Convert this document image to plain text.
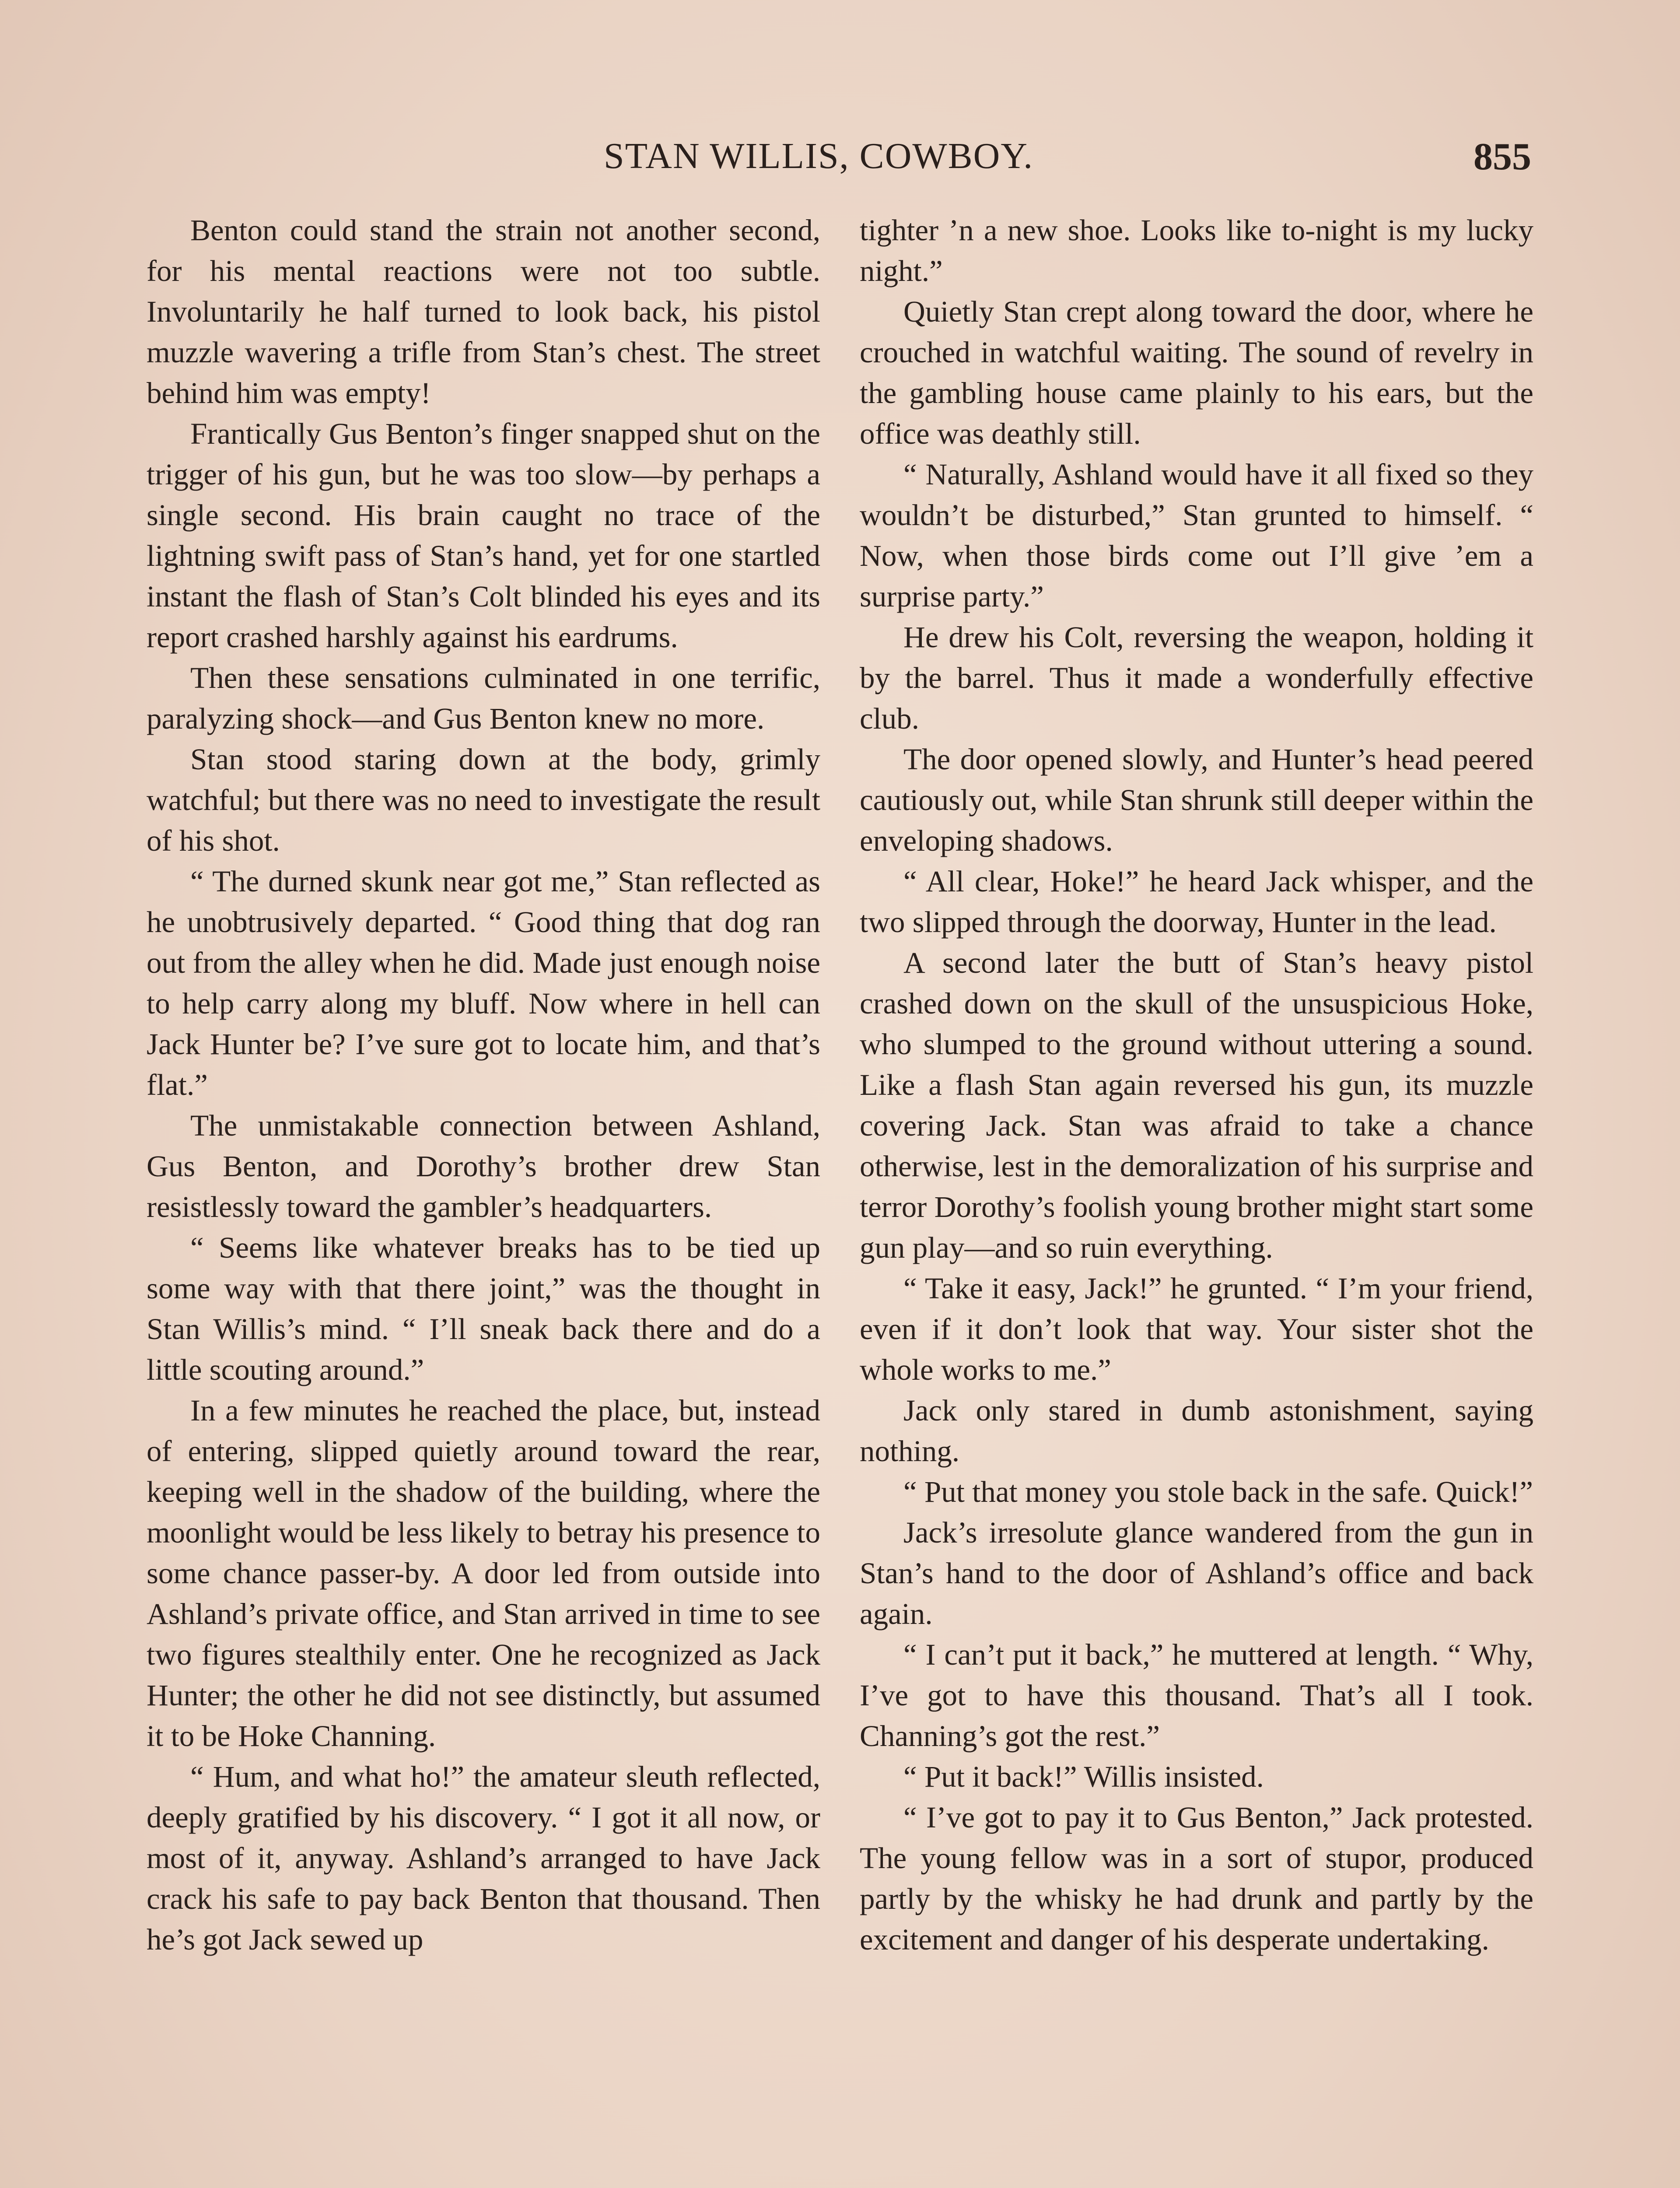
STAN WILLIS, COWBOY.	855

Benton could stand the strain not another second, for his mental reactions were not too subtle. Involuntarily he half turned to look back, his pistol muzzle wavering a trifle from Stan’s chest. The street behind him was empty!

Frantically Gus Benton’s finger snapped shut on the trigger of his gun, but he was too slow—by perhaps a single second. His brain caught no trace of the lightning swift pass of Stan’s hand, yet for one startled instant the flash of Stan’s Colt blinded his eyes and its report crashed harshly against his eardrums.

Then these sensations culminated in one terrific, paralyzing shock—and Gus Benton knew no more.

Stan stood staring down at the body, grimly watchful; but there was no need to investigate the result of his shot.

“ The durned skunk near got me,” Stan reflected as he unobtrusively departed. “ Good thing that dog ran out from the alley when he did. Made just enough noise to help carry along my bluff. Now where in hell can Jack Hunter be? I’ve sure got to locate him, and that’s flat.”

The unmistakable connection between Ashland, Gus Benton, and Dorothy’s brother drew Stan resistlessly toward the gambler’s headquarters.

“ Seems like whatever breaks has to be tied up some way with that there joint,” was the thought in Stan Willis’s mind. “ I’ll sneak back there and do a little scouting around.”

In a few minutes he reached the place, but, instead of entering, slipped quietly around toward the rear, keeping well in the shadow of the building, where the moonlight would be less likely to betray his presence to some chance passer-by. A door led from outside into Ashland’s private office, and Stan arrived in time to see two figures stealthily enter. One he recognized as Jack Hunter; the other he did not see distinctly, but assumed it to be Hoke Channing.

“ Hum, and what ho!” the amateur sleuth reflected, deeply gratified by his discovery. “ I got it all now, or most of it, anyway. Ashland’s arranged to have Jack crack his safe to pay back Benton that thousand. Then he’s got Jack sewed up

tighter ’n a new shoe. Looks like to-night is my lucky night.”

Quietly Stan crept along toward the door, where he crouched in watchful waiting. The sound of revelry in the gambling house came plainly to his ears, but the office was deathly still.

“ Naturally, Ashland would have it all fixed so they wouldn’t be disturbed,” Stan grunted to himself. “ Now, when those birds come out I’ll give ’em a surprise party.”

He drew his Colt, reversing the weapon, holding it by the barrel. Thus it made a wonderfully effective club.

The door opened slowly, and Hunter’s head peered cautiously out, while Stan shrunk still deeper within the enveloping shadows.

“ All clear, Hoke!” he heard Jack whisper, and the two slipped through the doorway, Hunter in the lead.

A second later the butt of Stan’s heavy pistol crashed down on the skull of the unsuspicious Hoke, who slumped to the ground without uttering a sound. Like a flash Stan again reversed his gun, its muzzle covering Jack. Stan was afraid to take a chance otherwise, lest in the demoralization of his surprise and terror Dorothy’s foolish young brother might start some gun play—and so ruin everything.

“ Take it easy, Jack!” he grunted. “ I’m your friend, even if it don’t look that way. Your sister shot the whole works to me.”

Jack only stared in dumb astonishment, saying nothing.

“ Put that money you stole back in the safe. Quick!”

Jack’s irresolute glance wandered from the gun in Stan’s hand to the door of Ashland’s office and back again.

“ I can’t put it back,” he muttered at length. “ Why, I’ve got to have this thousand. That’s all I took. Channing’s got the rest.”

“ Put it back!” Willis insisted.

“ I’ve got to pay it to Gus Benton,” Jack protested. The young fellow was in a sort of stupor, produced partly by the whisky he had drunk and partly by the excitement and danger of his desperate undertaking.
